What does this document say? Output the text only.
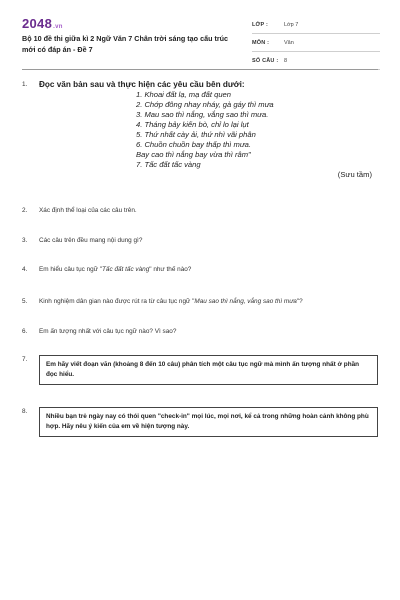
2048.vn
Bộ 10 đề thi giữa kì 2 Ngữ Văn 7 Chân trời sáng tạo cấu trúc mới có đáp án - Đề 7
LỚP :	Lớp 7
MÔN :	Văn
SỐ CÂU :	8
1.	Đọc văn bản sau và thực hiện các yêu cầu bên dưới:
1. Khoai đất lạ, mạ đất quen
2. Chớp đông nhay nháy, gà gáy thì mưa
3. Mau sao thì nắng, vắng sao thì mưa.
4. Tháng bảy kiến bò, chỉ lo lại lụt
5. Thứ nhất cày ải, thứ nhì vãi phân
6. Chuồn chuồn bay thấp thì mưa.
Bay cao thì nắng bay vừa thì râm"
7. Tấc đất tấc vàng
(Sưu tầm)
2.	Xác định thể loại của các câu trên.
3.	Các câu trên đều mang nội dung gì?
4.	Em hiểu câu tục ngữ "Tấc đất tấc vàng" như thế nào?
5.	Kinh nghiệm dân gian nào được rút ra từ câu tục ngữ "Mau sao thì nắng, vắng sao thì mưa"?
6.	Em ấn tượng nhất với câu tục ngữ nào? Vì sao?
7.
Em hãy viết đoạn văn (khoảng 8 đến 10 câu) phân tích một câu tục ngữ mà mình ấn tượng nhất ở phần đọc hiểu.
8.
Nhiều bạn trẻ ngày nay có thói quen "check-in" mọi lúc, mọi nơi, kể cả trong những hoàn cảnh không phù hợp. Hãy nêu ý kiến của em về hiện tượng này.
